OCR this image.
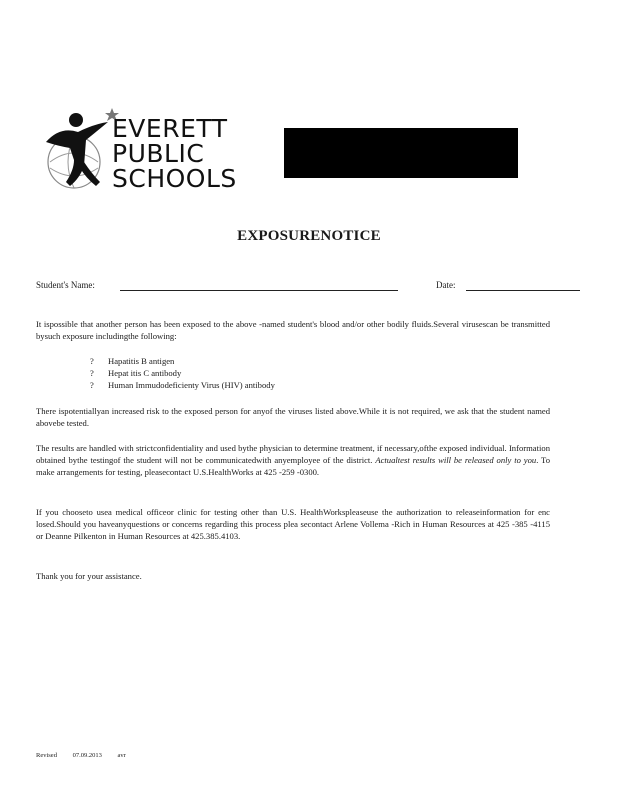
EVERETT
PUBLIC
SCHOOLS
EXPOSURENOTICE
Student's Name:	Date:
It ispossible that another person has been exposed to the above -named student's blood and/or other bodily fluids.Several virusescan be transmitted bysuch exposure includingthe following:
? Hapatitis B antigen
? Hepat itis C antibody
? Human Immudodeficienty Virus (HIV) antibody
There ispotentiallyan increased risk to the exposed person for anyof the viruses listed above.While it is not required, we ask that the student named abovebe tested.
The results are handled with strictconfidentiality and used bythe physician to determine treatment, if necessary,ofthe exposed individual. Information obtained bythe testingof the student will not be communicatedwith anyemployee of the district. Actualtest results will be released only to you. To make arrangements for testing, pleasecontact U.S.HealthWorks at 425 -259 -0300.
If you chooseto usea medical officeor clinic for testing other than U.S. HealthWorkspleaseuse the authorization to releaseinformation for enc losed.Should you haveanyquestions or concerns regarding this process plea secontact Arlene Vollema -Rich in Human Resources at 425 -385 -4115 or Deanne Pilkenton in Human Resources at 425.385.4103.
Thank you for your assistance.
Revised 07.09.2013 avr
